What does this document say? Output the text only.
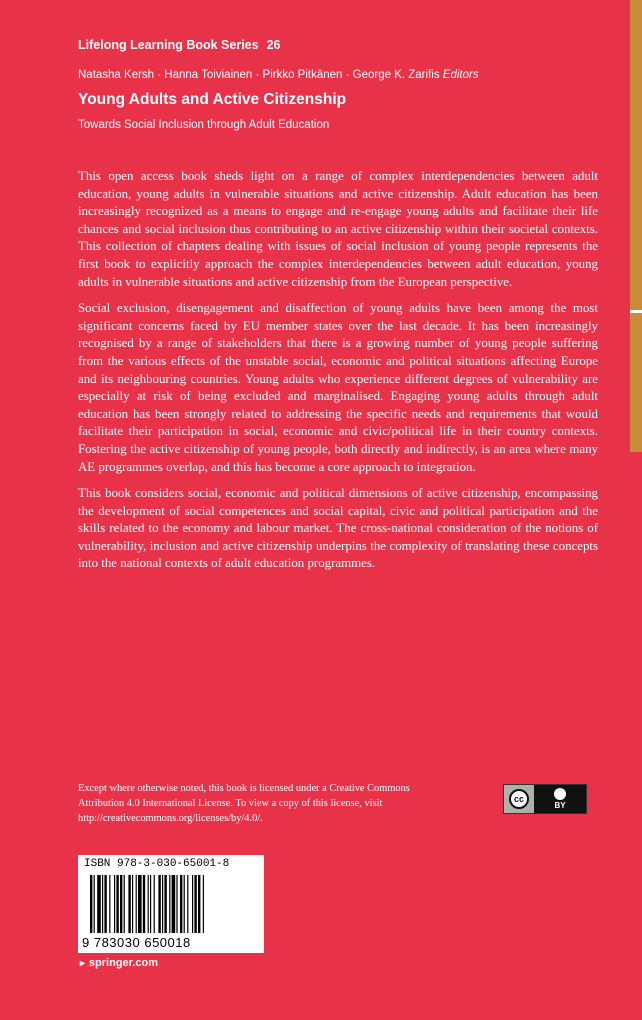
Lifelong Learning Book Series 26
Natasha Kersh · Hanna Toiviainen · Pirkko Pitkänen · George K. Zarifis Editors
Young Adults and Active Citizenship
Towards Social Inclusion through Adult Education

This open access book sheds light on a range of complex interdependencies between adult education, young adults in vulnerable situations and active citizenship. Adult education has been increasingly recognized as a means to engage and re-engage young adults and facilitate their life chances and social inclusion thus contributing to an active citizenship within their societal contexts. This collection of chapters dealing with issues of social inclusion of young people represents the first book to explicitly approach the complex interdependencies between adult education, young adults in vulnerable situations and active citizenship from the European perspective.

Social exclusion, disengagement and disaffection of young adults have been among the most significant concerns faced by EU member states over the last decade. It has been increasingly recognised by a range of stakeholders that there is a growing number of young people suffering from the various effects of the unstable social, economic and political situations affecting Europe and its neighbouring countries. Young adults who experience different degrees of vulnerability are especially at risk of being excluded and marginalised. Engaging young adults through adult education has been strongly related to addressing the specific needs and requirements that would facilitate their participation in social, economic and civic/political life in their country contexts. Fostering the active citizenship of young people, both directly and indirectly, is an area where many AE programmes overlap, and this has become a core approach to integration.

This book considers social, economic and political dimensions of active citizenship, encompassing the development of social competences and social capital, civic and political participation and the skills related to the economy and labour market. The cross-national consideration of the notions of vulnerability, inclusion and active citizenship underpins the complexity of translating these concepts into the national contexts of adult education programmes.

Except where otherwise noted, this book is licensed under a Creative Commons Attribution 4.0 International License. To view a copy of this license, visit http://creativecommons.org/licenses/by/4.0/.
cc
BY
ISBN 978-3-030-65001-8
9 783030 650018
► springer.com
